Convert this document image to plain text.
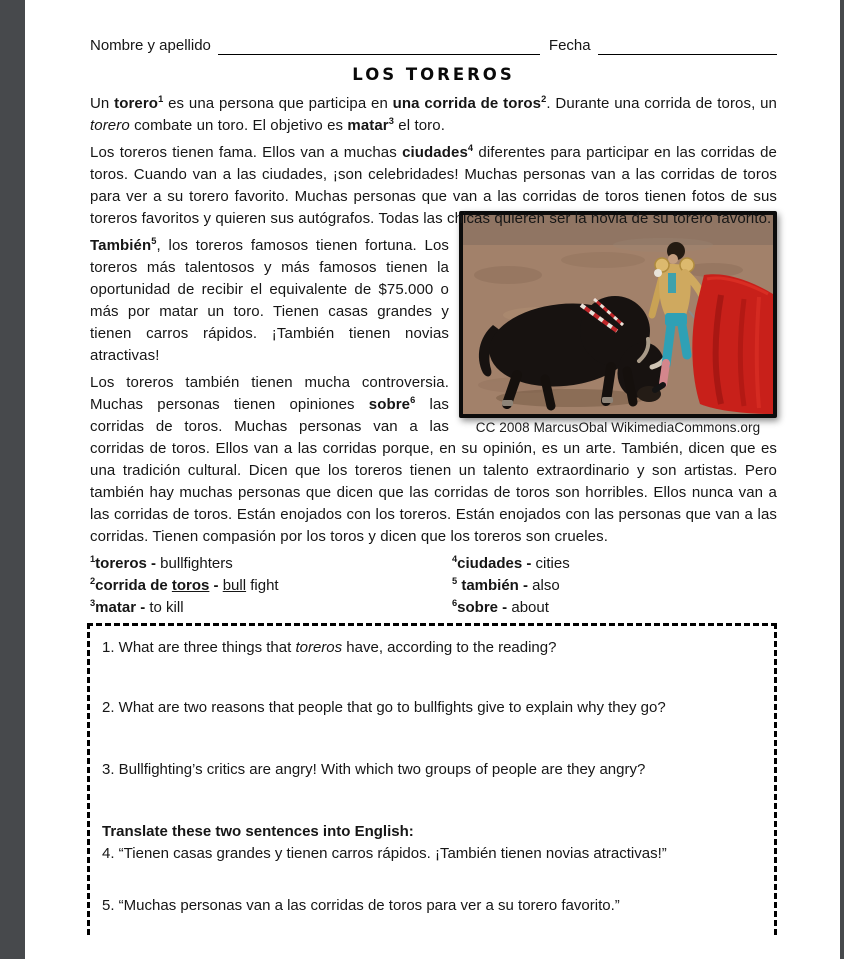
Nombre y apellido	Fecha
LOS TOREROS

Un torero$^1$ es una persona que participa en una corrida de toros$^2$. Durante una corrida de toros, un torero combate un toro. El objetivo es matar$^3$ el toro.

Los toreros tienen fama. Ellos van a muchas ciudades$^4$ diferentes para participar en las corridas de toros. Cuando van a las ciudades, ¡son celebridades! Muchas personas van a las corridas de toros para ver a su torero favorito. Muchas personas que van a las corridas de toros tienen fotos de sus toreros favoritos y quieren sus autógrafos. Todas las chicas quieren ser la novia de su torero favorito.

CC 2008 MarcusObal WikimediaCommons.org

También$^5$, los toreros famosos tienen fortuna. Los toreros más talentosos y más famosos tienen la oportunidad de recibir el equivalente de $75.000 o más por matar un toro. Tienen casas grandes y tienen carros rápidos. ¡También tienen novias atractivas!

Los toreros también tienen mucha controversia. Muchas personas tienen opiniones sobre$^6$ las corridas de toros. Muchas personas van a las corridas de toros. Ellos van a las corridas porque, en su opinión, es un arte. También, dicen que es una tradición cultural. Dicen que los toreros tienen un talento extraordinario y son artistas. Pero también hay muchas personas que dicen que las corridas de toros son horribles. Ellos nunca van a las corridas de toros. Están enojados con los toreros. Están enojados con las personas que van a las corridas. Tienen compasión por los toros y dicen que los toreros son crueles.

$^1$toreros - bullfighters	$^4$ciudades - cities
$^2$corrida de toros - bull fight	$^5$ también - also
$^3$matar - to kill	$^6$sobre - about

1. What are three things that toreros have, according to the reading?

2. What are two reasons that people that go to bullfights give to explain why they go?

3. Bullfighting’s critics are angry! With which two groups of people are they angry?

Translate these two sentences into English:

4. “Tienen casas grandes y tienen carros rápidos. ¡También tienen novias atractivas!”

5. “Muchas personas van a las corridas de toros para ver a su torero favorito.”
